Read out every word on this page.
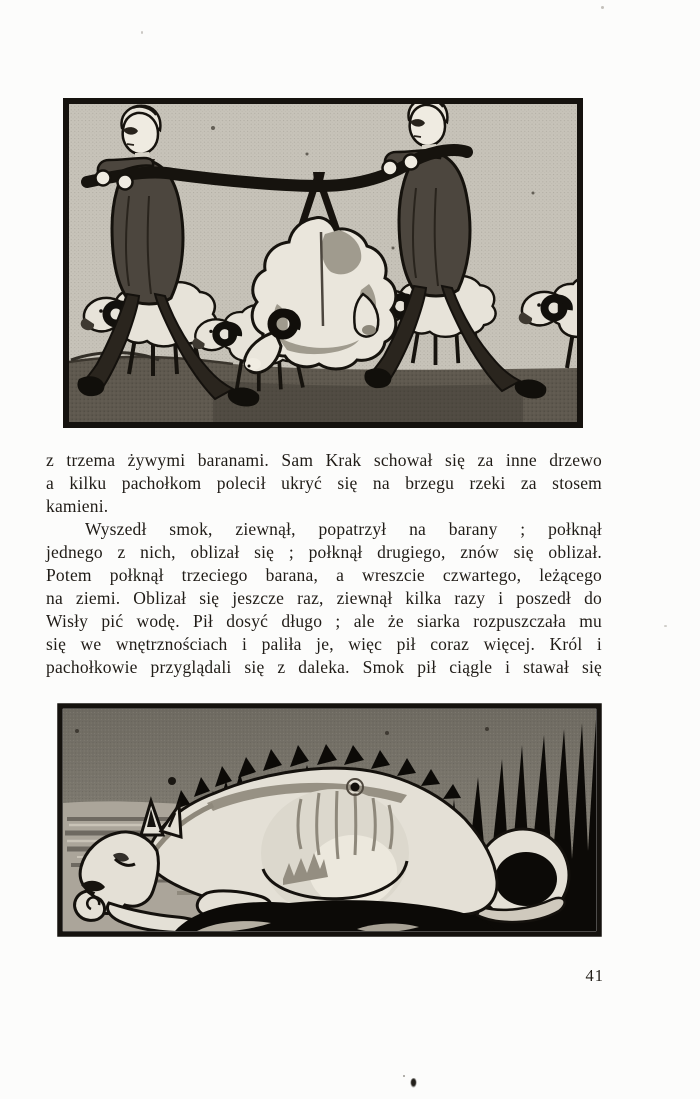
z trzema żywymi baranami. Sam Krak schował się za inne drzewo
a kilku pachołkom polecił ukryć się na brzegu rzeki za stosem
kamieni.
Wyszedł smok, ziewnął, popatrzył na barany ; połknął
jednego z nich, oblizał się ; połknął drugiego, znów się oblizał.
Potem połknął trzeciego barana, a wreszcie czwartego, leżącego
na ziemi. Oblizał się jeszcze raz, ziewnął kilka razy i poszedł do
Wisły pić wodę. Pił dosyć długo ; ale że siarka rozpuszczała mu
się we wnętrznościach i paliła je, więc pił coraz więcej. Król i
pachołkowie przyglądali się z daleka. Smok pił ciągle i stawał się
41
